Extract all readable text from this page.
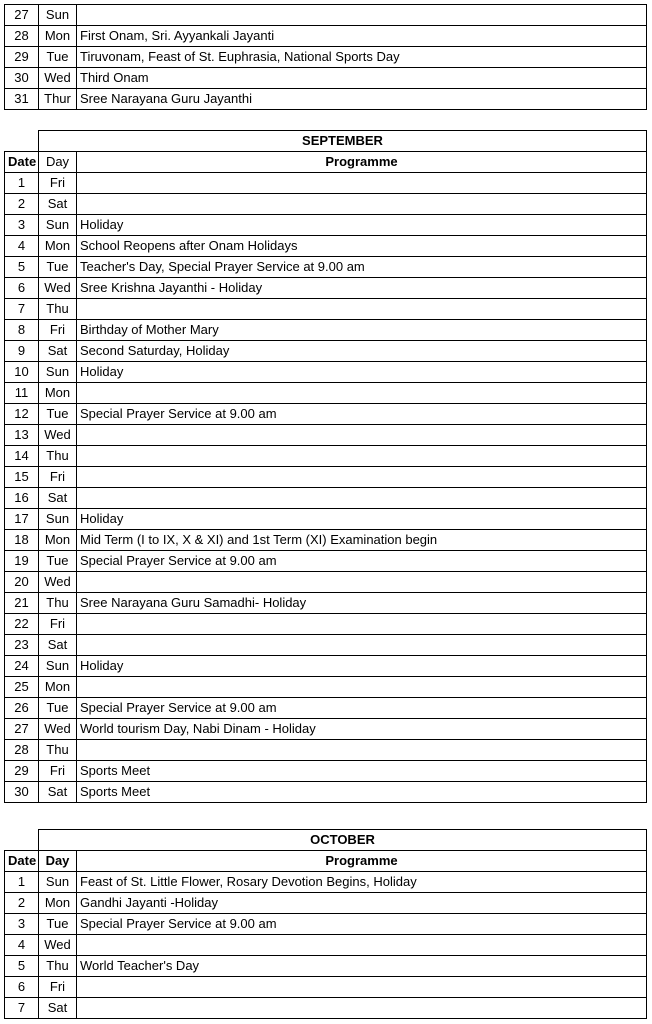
27	Sun	
28	Mon	First Onam, Sri. Ayyankali Jayanti
29	Tue	Tiruvonam, Feast of St. Euphrasia, National Sports Day
30	Wed	Third Onam
31	Thur	Sree Narayana Guru Jayanthi
	SEPTEMBER	
Date	Day	Programme
1	Fri	
2	Sat	
3	Sun	Holiday
4	Mon	School Reopens after Onam Holidays
5	Tue	Teacher's Day, Special Prayer Service at 9.00 am
6	Wed	Sree Krishna Jayanthi - Holiday
7	Thu	
8	Fri	Birthday of Mother Mary
9	Sat	Second Saturday, Holiday
10	Sun	Holiday
11	Mon	
12	Tue	Special Prayer Service at 9.00 am
13	Wed	
14	Thu	
15	Fri	
16	Sat	
17	Sun	Holiday
18	Mon	Mid Term (I to IX, X & XI) and 1st Term (XI) Examination begin
19	Tue	Special Prayer Service at 9.00 am
20	Wed	
21	Thu	Sree Narayana Guru Samadhi- Holiday
22	Fri	
23	Sat	
24	Sun	Holiday
25	Mon	
26	Tue	Special Prayer Service at 9.00 am
27	Wed	World tourism Day, Nabi Dinam - Holiday
28	Thu	
29	Fri	Sports Meet
30	Sat	Sports Meet
	OCTOBER	
Date	Day	Programme
1	Sun	Feast of St. Little Flower, Rosary Devotion Begins, Holiday
2	Mon	Gandhi Jayanti -Holiday
3	Tue	Special Prayer Service at 9.00 am
4	Wed	
5	Thu	World Teacher's Day
6	Fri	
7	Sat	
